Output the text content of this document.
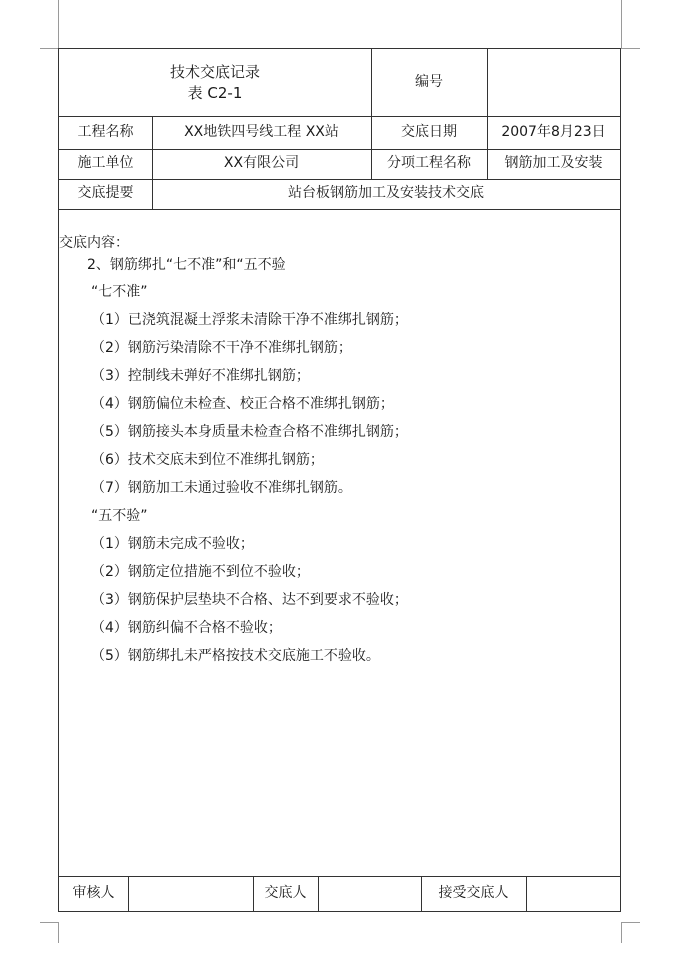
技术交底记录
表 C2-1
编号
工程名称	XX地铁四号线工程 XX站	交底日期	2007年8月23日
施工单位	XX有限公司	分项工程名称	钢筋加工及安装
交底提要	站台板钢筋加工及安装技术交底
交底内容：
2、钢筋绑扎“七不准”和“五不验
“七不准”
（1）已浇筑混凝土浮浆未清除干净不准绑扎钢筋；
（2）钢筋污染清除不干净不准绑扎钢筋；
（3）控制线未弹好不准绑扎钢筋；
（4）钢筋偏位未检查、校正合格不准绑扎钢筋；
（5）钢筋接头本身质量未检查合格不准绑扎钢筋；
（6）技术交底未到位不准绑扎钢筋；
（7）钢筋加工未通过验收不准绑扎钢筋。
“五不验”
（1）钢筋未完成不验收；
（2）钢筋定位措施不到位不验收；
（3）钢筋保护层垫块不合格、达不到要求不验收；
（4）钢筋纠偏不合格不验收；
（5）钢筋绑扎未严格按技术交底施工不验收。
审核人	交底人	接受交底人
